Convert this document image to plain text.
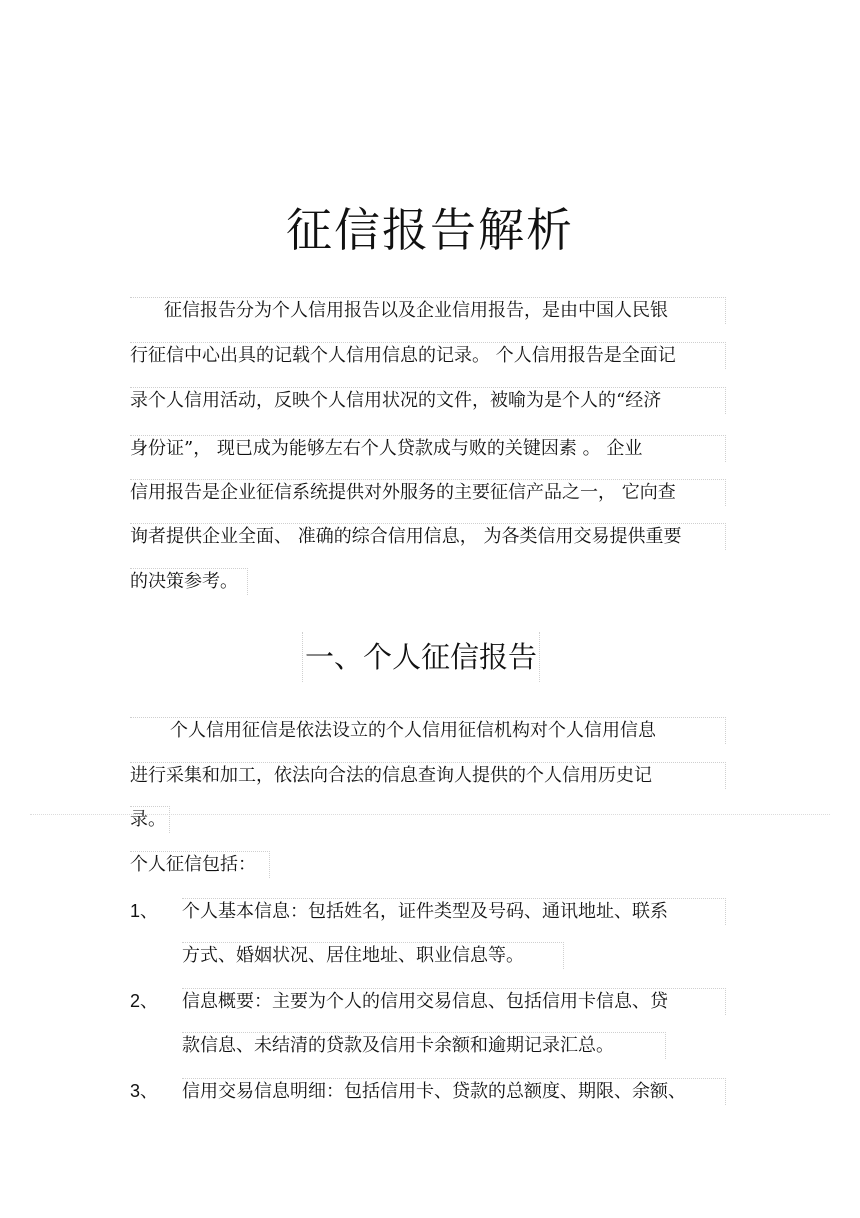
征信报告解析
征信报告分为个人信用报告以及企业信用报告，是由中国人民银
行征信中心出具的记载个人信用信息的记录。 个人信用报告是全面记
录个人信用活动，反映个人信用状况的文件，被喻为是个人的“经济
身份证”， 现已成为能够左右个人贷款成与败的关键因素 。 企业
信用报告是企业征信系统提供对外服务的主要征信产品之一， 它向查
询者提供企业全面、 准确的综合信用信息， 为各类信用交易提供重要
的决策参考。
一、个人征信报告
个人信用征信是依法设立的个人信用征信机构对个人信用信息
进行采集和加工，依法向合法的信息查询人提供的个人信用历史记
录。
个人征信包括：
1、 个人基本信息：包括姓名，证件类型及号码、通讯地址、联系
方式、婚姻状况、居住地址、职业信息等。
2、 信息概要：主要为个人的信用交易信息、包括信用卡信息、贷
款信息、未结清的贷款及信用卡余额和逾期记录汇总。
3、 信用交易信息明细：包括信用卡、贷款的总额度、期限、余额、
